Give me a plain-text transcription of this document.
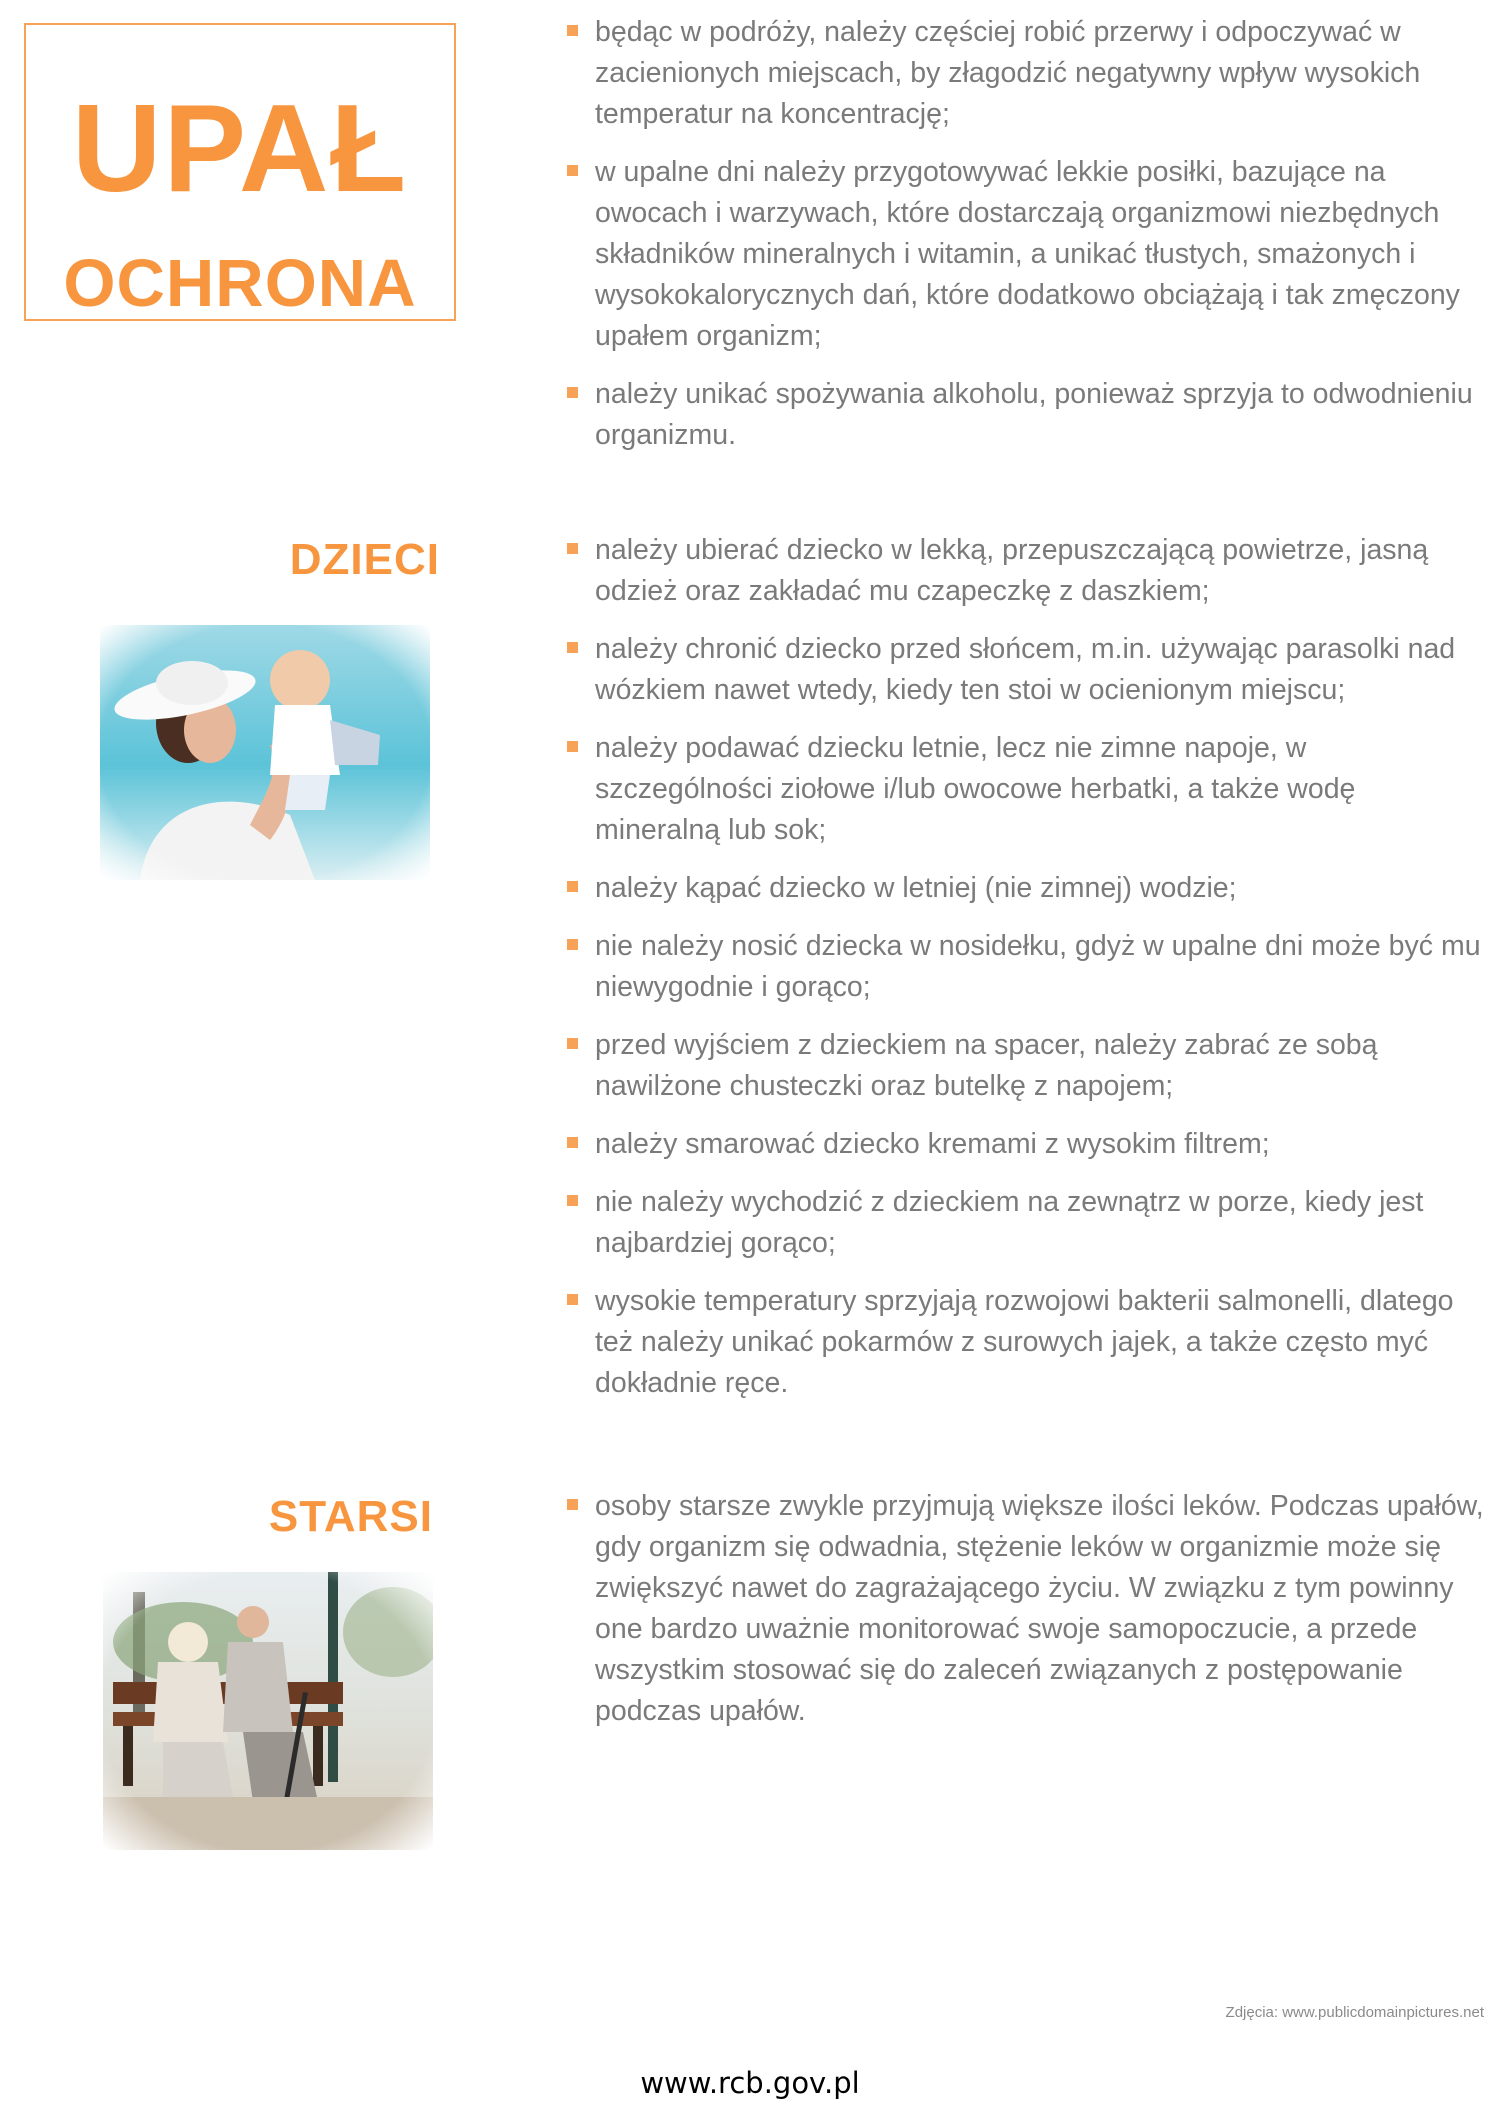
UPAŁ
OCHRONA
będąc w podróży, należy częściej robić przerwy i odpoczywać w zacienionych miejscach, by złagodzić negatywny wpływ wysokich temperatur na koncentrację;
w upalne dni należy przygotowywać lekkie posiłki, bazujące na owocach i warzywach, które dostarczają organizmowi niezbędnych składników mineralnych i witamin, a unikać tłustych, smażonych i wysokokalorycznych dań, które dodatkowo obciążają i tak zmęczony upałem organizm;
należy unikać spożywania alkoholu, ponieważ sprzyja to odwodnieniu organizmu.
DZIECI	należy ubierać dziecko w lekką, przepuszczającą powietrze, jasną odzież oraz zakładać mu czapeczkę z daszkiem;
należy chronić dziecko przed słońcem, m.in. używając parasolki nad wózkiem nawet wtedy, kiedy ten stoi w ocienionym miejscu;
należy podawać dziecku letnie, lecz nie zimne napoje, w szczególności ziołowe i/lub owocowe herbatki, a także wodę mineralną lub sok;
należy kąpać dziecko w letniej (nie zimnej) wodzie;
nie należy nosić dziecka w nosidełku, gdyż w upalne dni może być mu niewygodnie i gorąco;
przed wyjściem z dzieckiem na spacer, należy zabrać ze sobą nawilżone chusteczki oraz butelkę z napojem;
należy smarować dziecko kremami z wysokim filtrem;
nie należy wychodzić z dzieckiem na zewnątrz w porze, kiedy jest najbardziej gorąco;
wysokie temperatury sprzyjają rozwojowi bakterii salmonelli, dlatego też należy unikać pokarmów z surowych jajek, a także często myć dokładnie ręce.
STARSI	osoby starsze zwykle przyjmują większe ilości leków. Podczas upałów, gdy organizm się odwadnia, stężenie leków w organizmie może się zwiększyć nawet do zagrażającego życiu. W związku z tym powinny one bardzo uważnie monitorować swoje samopoczucie, a przede wszystkim stosować się do zaleceń związanych z postępowanie podczas upałów.
Zdjęcia: www.publicdomainpictures.net
www.rcb.gov.pl
